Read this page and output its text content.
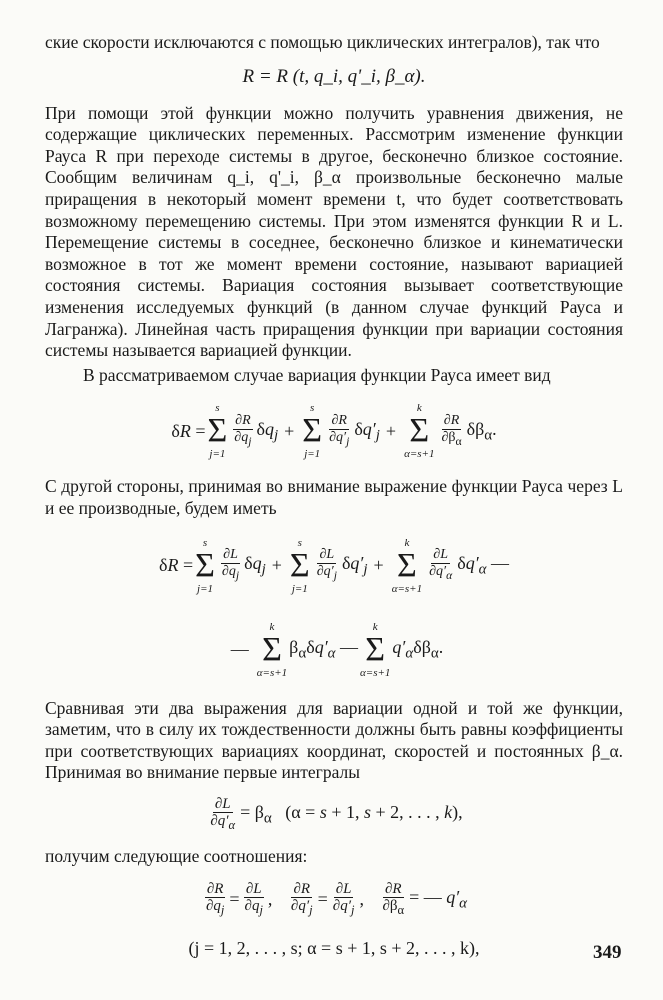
ские скорости исключаются с помощью циклических интегралов), так что

R = R (t, q_i, q'_i, β_α).

При помощи этой функции можно получить уравнения движения, не содержащие циклических переменных. Рассмотрим изменение функции Рауса R при переходе системы в другое, бесконечно близкое состояние. Сообщим величинам q_i, q'_i, β_α произвольные бесконечно малые приращения в некоторый момент времени t, что будет соответствовать возможному перемещению системы. При этом изменятся функции R и L. Перемещение системы в соседнее, бесконечно близкое и кинематически возможное в тот же момент времени состояние, называют вариацией состояния системы. Вариация состояния вызывает соответствующие изменения исследуемых функций (в данном случае функций Рауса и Лагранжа). Линейная часть приращения функции при вариации состояния системы называется вариацией функции.

В рассматриваемом случае вариация функции Рауса имеет вид

δR =
s
Σ
j=1
$\frac{\partial R}{\partial q_j} \delta q_j$ +
s
Σ
j=1
$\frac{\partial R}{\partial q'_j} \delta q'_j$ +
k
Σ
α=s+1
$\frac{\partial R}{\partial\beta_\alpha} \delta\beta_\alpha$.

С другой стороны, принимая во внимание выражение функции Рауса через L и ее производные, будем иметь

δR =
s
Σ
j=1
$\frac{\partial L}{\partial q_j} \delta q_j$ +
s
Σ
j=1
$\frac{\partial L}{\partial q'_j} \delta q'_j$ +
k
Σ
α=s+1
$\frac{\partial L}{\partial q'_\alpha} \delta q'_\alpha$ —
—
k
Σ
α=s+1
$\beta_\alpha\delta q'_\alpha$ —
k
Σ
α=s+1
$q'_\alpha\delta\beta_\alpha$.

Сравнивая эти два выражения для вариации одной и той же функции, заметим, что в силу их тождественности должны быть равны коэффициенты при соответствующих вариациях координат, скоростей и постоянных β_α. Принимая во внимание первые интегралы

$\frac{\partial L}{\partial q'_\alpha} = \beta_\alpha$   (α = s + 1, s + 2, . . . , k),

получим следующие соотношения:

$\frac{\partial R}{\partial q_j} = \frac{\partial L}{\partial q_j}$ , $\frac{\partial R}{\partial q'_j} = \frac{\partial L}{\partial q'_j}$ , $\frac{\partial R}{\partial\beta_\alpha}$ = — $q'_\alpha$
(j = 1, 2, . . . , s; α = s + 1, s + 2, . . . , k),	349
